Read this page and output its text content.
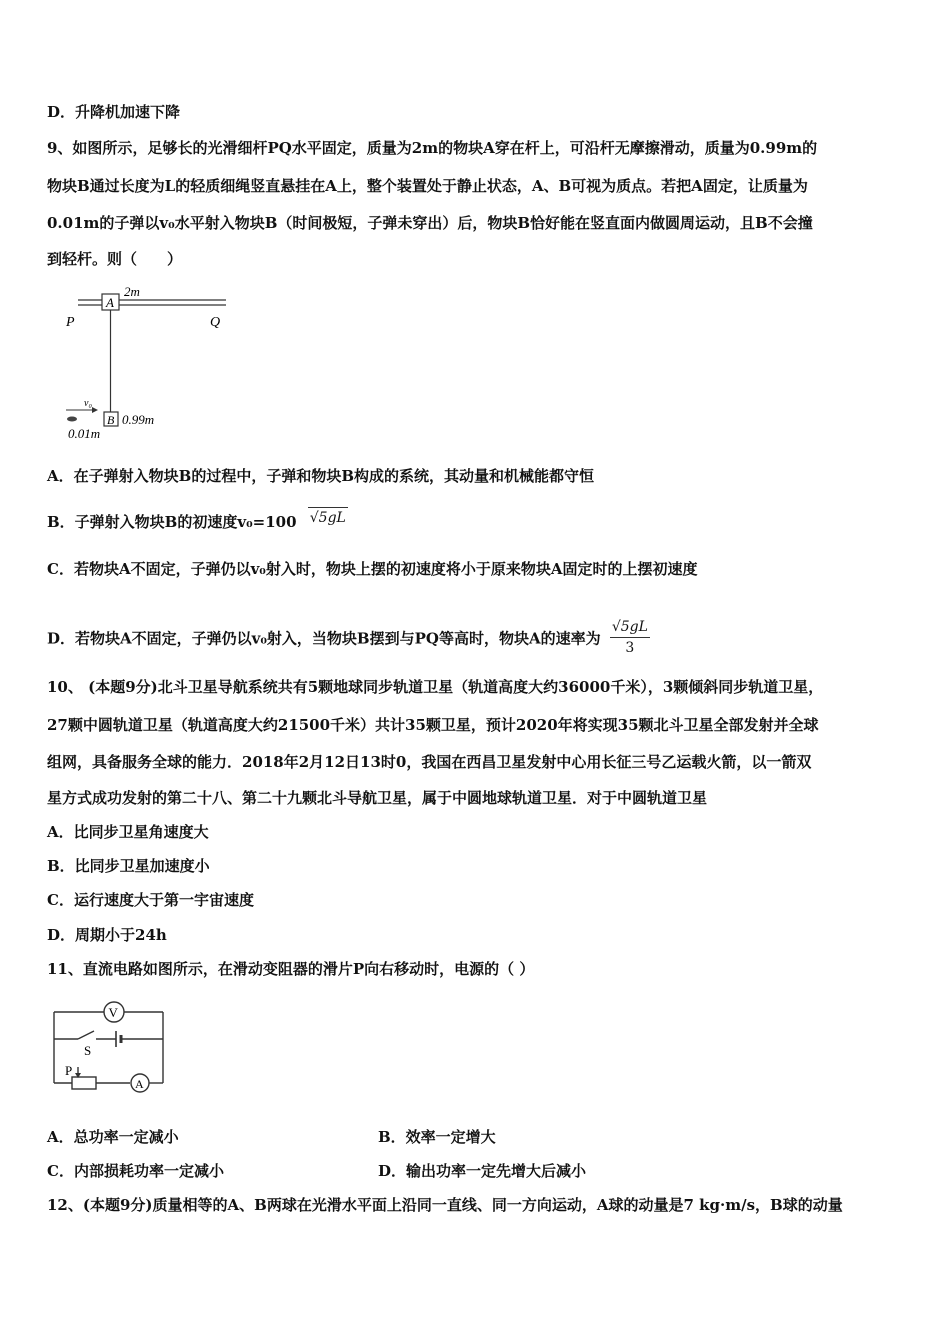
D．升降机加速下降
9、如图所示，足够长的光滑细杆PQ水平固定，质量为2m的物块A穿在杆上，可沿杆无摩擦滑动，质量为0.99m的
物块B通过长度为L的轻质细绳竖直悬挂在A上，整个装置处于静止状态，A、B可视为质点。若把A固定，让质量为
0.01m的子弹以v₀水平射入物块B（时间极短，子弹未穿出）后，物块B恰好能在竖直面内做圆周运动，且B不会撞
到轻杆。则（　　）
A
2m
P	Q
B 0.99m
v₀
0.01m
A．在子弹射入物块B的过程中，子弹和物块B构成的系统，其动量和机械能都守恒
B．子弹射入物块B的初速度v₀=100 √5gL
C．若物块A不固定，子弹仍以v₀射入时，物块上摆的初速度将小于原来物块A固定时的上摆初速度
D．若物块A不固定，子弹仍以v₀射入，当物块B摆到与PQ等高时，物块A的速率为 $\frac{√5gL}{3}$
10、 (本题9分)北斗卫星导航系统共有5颗地球同步轨道卫星（轨道高度大约36000千米），3颗倾斜同步轨道卫星，
27颗中圆轨道卫星（轨道高度大约21500千米）共计35颗卫星，预计2020年将实现35颗北斗卫星全部发射并全球
组网，具备服务全球的能力．2018年2月12日13时0，我国在西昌卫星发射中心用长征三号乙运载火箭，以一箭双
星方式成功发射的第二十八、第二十九颗北斗导航卫星，属于中圆地球轨道卫星．对于中圆轨道卫星
A．比同步卫星角速度大
B．比同步卫星加速度小
C．运行速度大于第一宇宙速度
D．周期小于24h
11、直流电路如图所示，在滑动变阻器的滑片P向右移动时，电源的（ ）
V
S
P
A
A．总功率一定减小	B．效率一定增大
C．内部损耗功率一定减小	D．输出功率一定先增大后减小
12、(本题9分)质量相等的A、B两球在光滑水平面上沿同一直线、同一方向运动，A球的动量是7 kg·m/s，B球的动量
